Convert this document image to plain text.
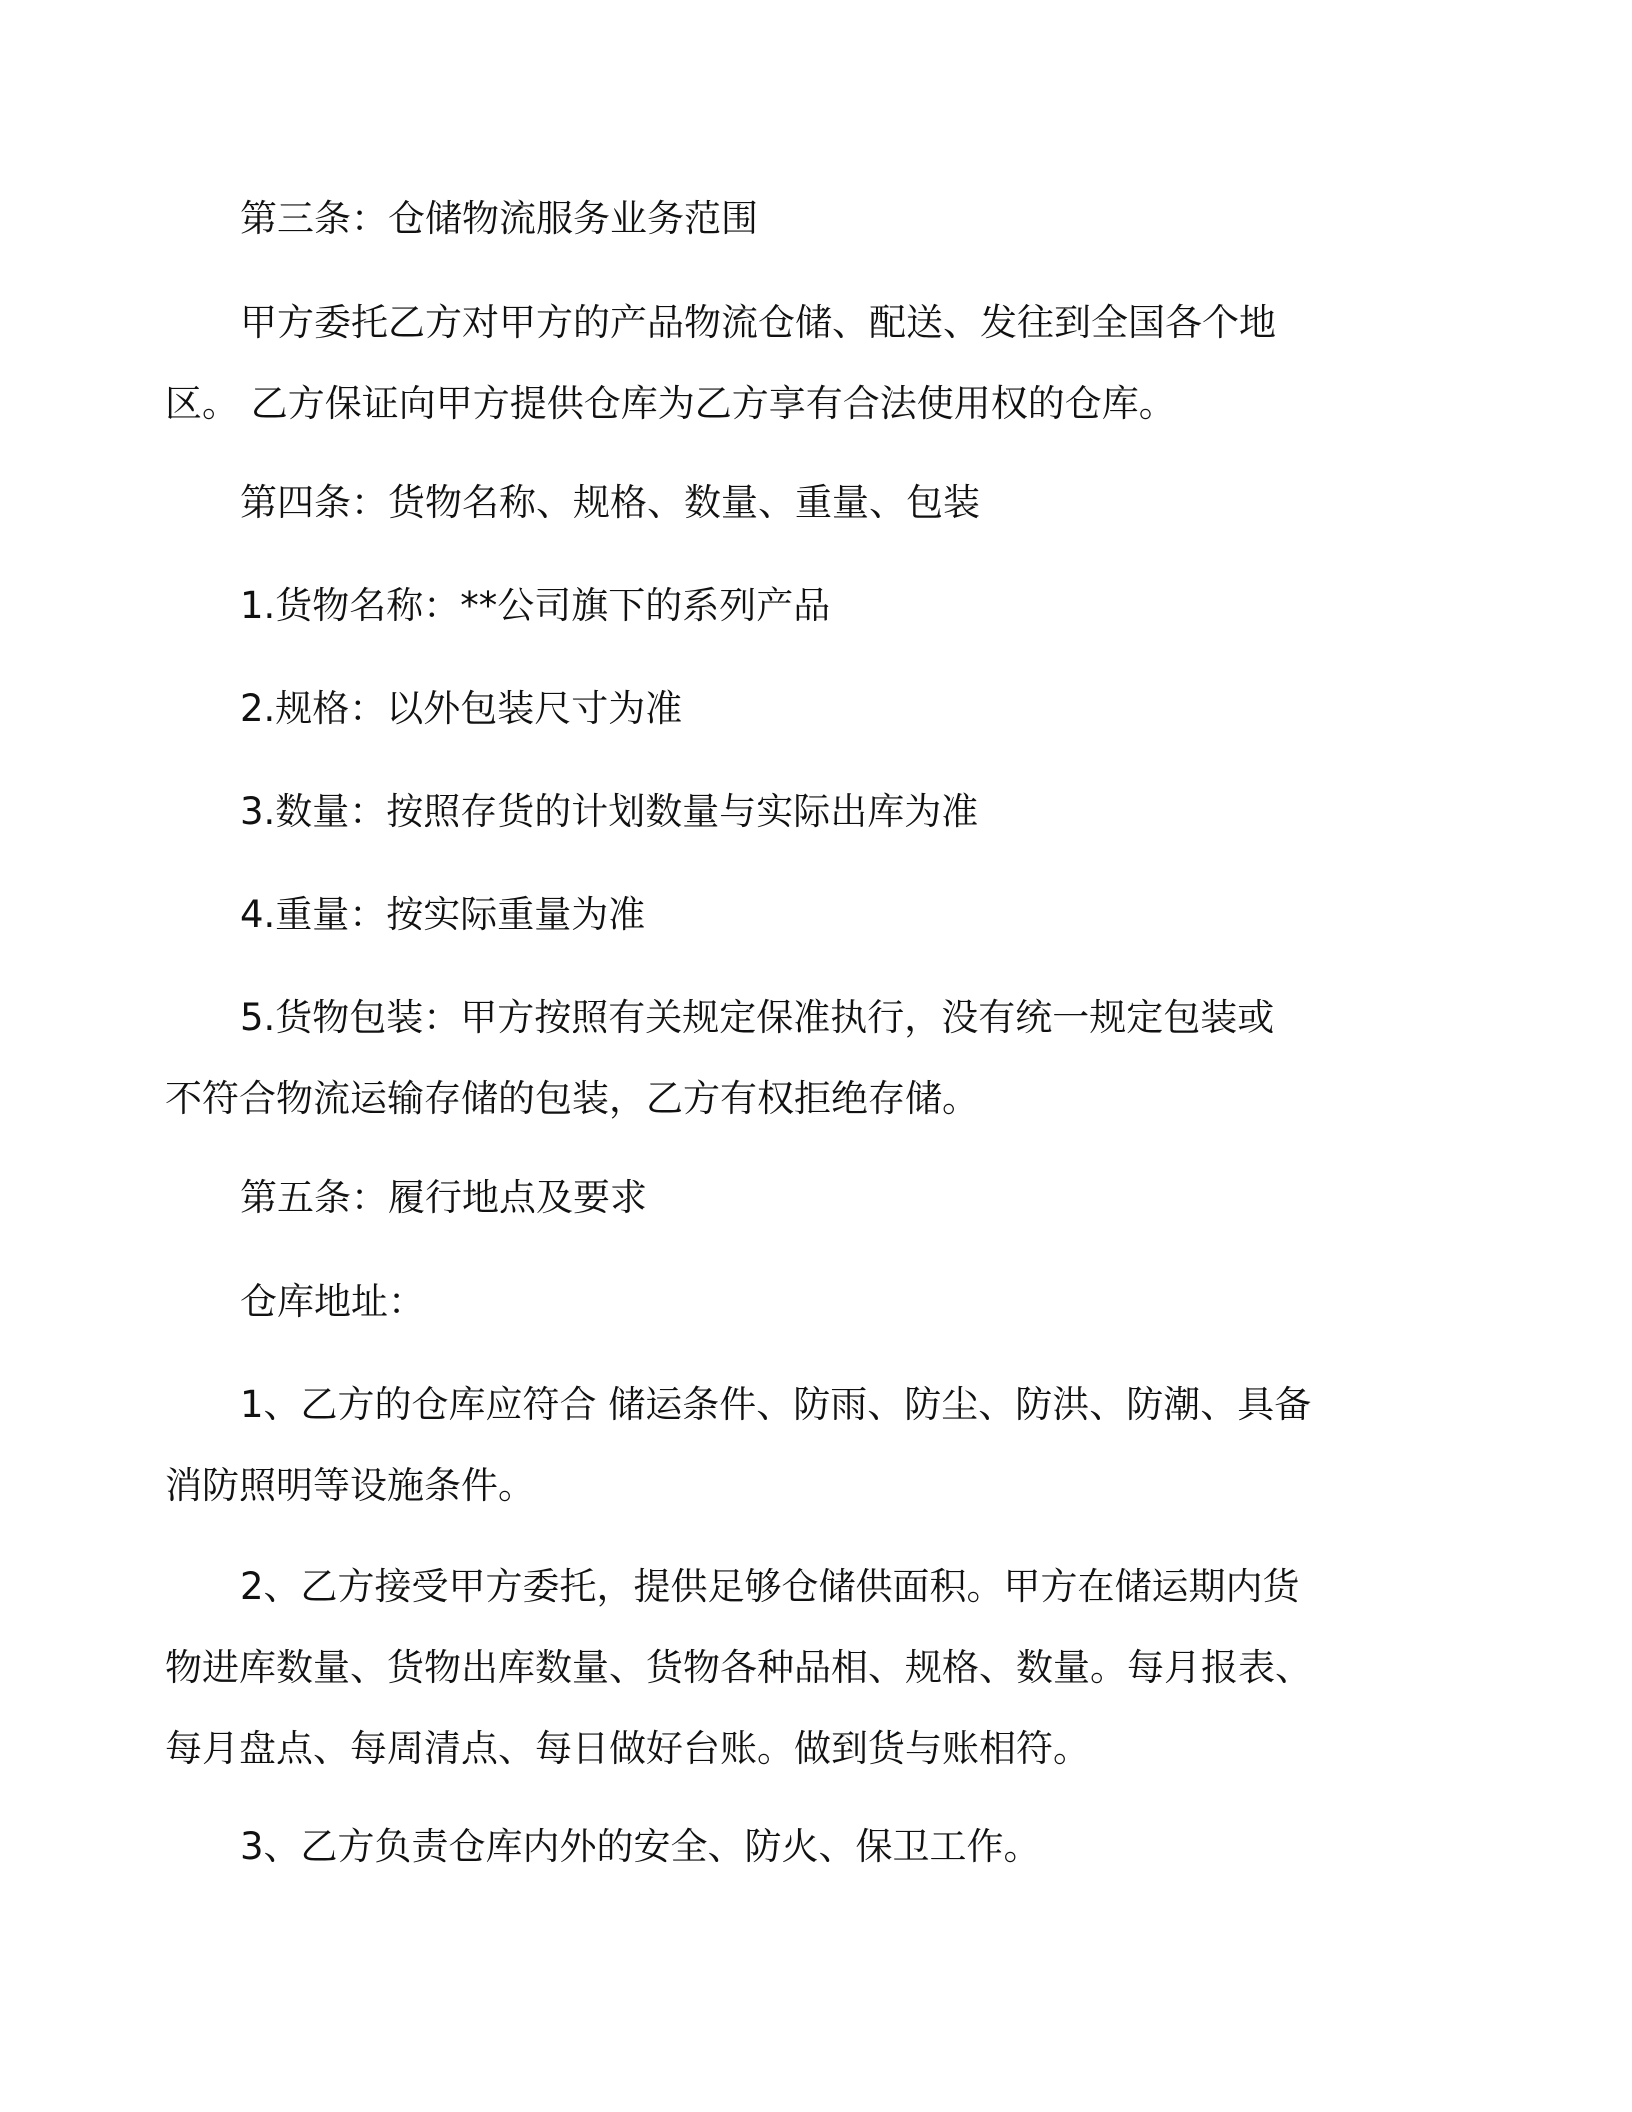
第三条：仓储物流服务业务范围

甲方委托乙方对甲方的产品物流仓储、配送、发往到全国各个地
区。 乙方保证向甲方提供仓库为乙方享有合法使用权的仓库。

第四条：货物名称、规格、数量、重量、包装

1.货物名称：**公司旗下的系列产品

2.规格：以外包装尺寸为准

3.数量：按照存货的计划数量与实际出库为准

4.重量：按实际重量为准

5.货物包装：甲方按照有关规定保准执行，没有统一规定包装或
不符合物流运输存储的包装，乙方有权拒绝存储。

第五条：履行地点及要求

仓库地址：

1、乙方的仓库应符合 储运条件、防雨、防尘、防洪、防潮、具备
消防照明等设施条件。

2、乙方接受甲方委托，提供足够仓储供面积。甲方在储运期内货
物进库数量、货物出库数量、货物各种品相、规格、数量。每月报表、
每月盘点、每周清点、每日做好台账。做到货与账相符。

3、乙方负责仓库内外的安全、防火、保卫工作。
